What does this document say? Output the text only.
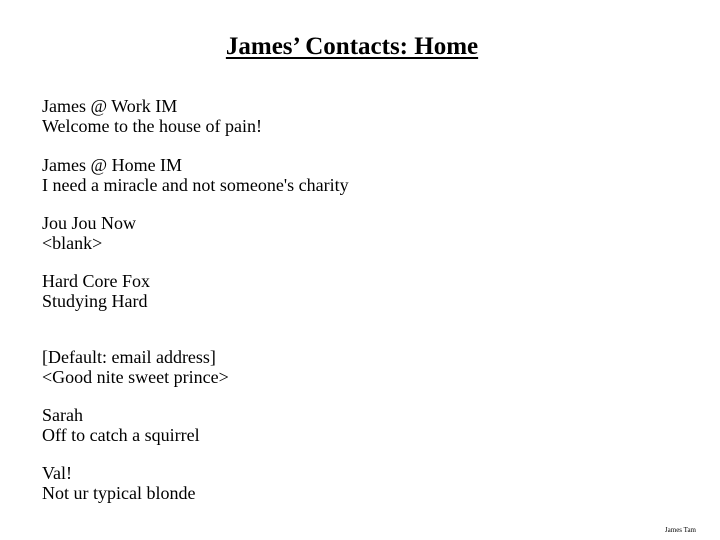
James’ Contacts: Home
James @ Work IM
Welcome to the house of pain!
James @ Home IM
I need a miracle and not someone's charity
Jou Jou Now
<blank>
Hard Core Fox
Studying Hard
[Default: email address]
<Good nite sweet prince>
Sarah
Off to catch a squirrel
Val!
Not ur typical blonde
James Tam
